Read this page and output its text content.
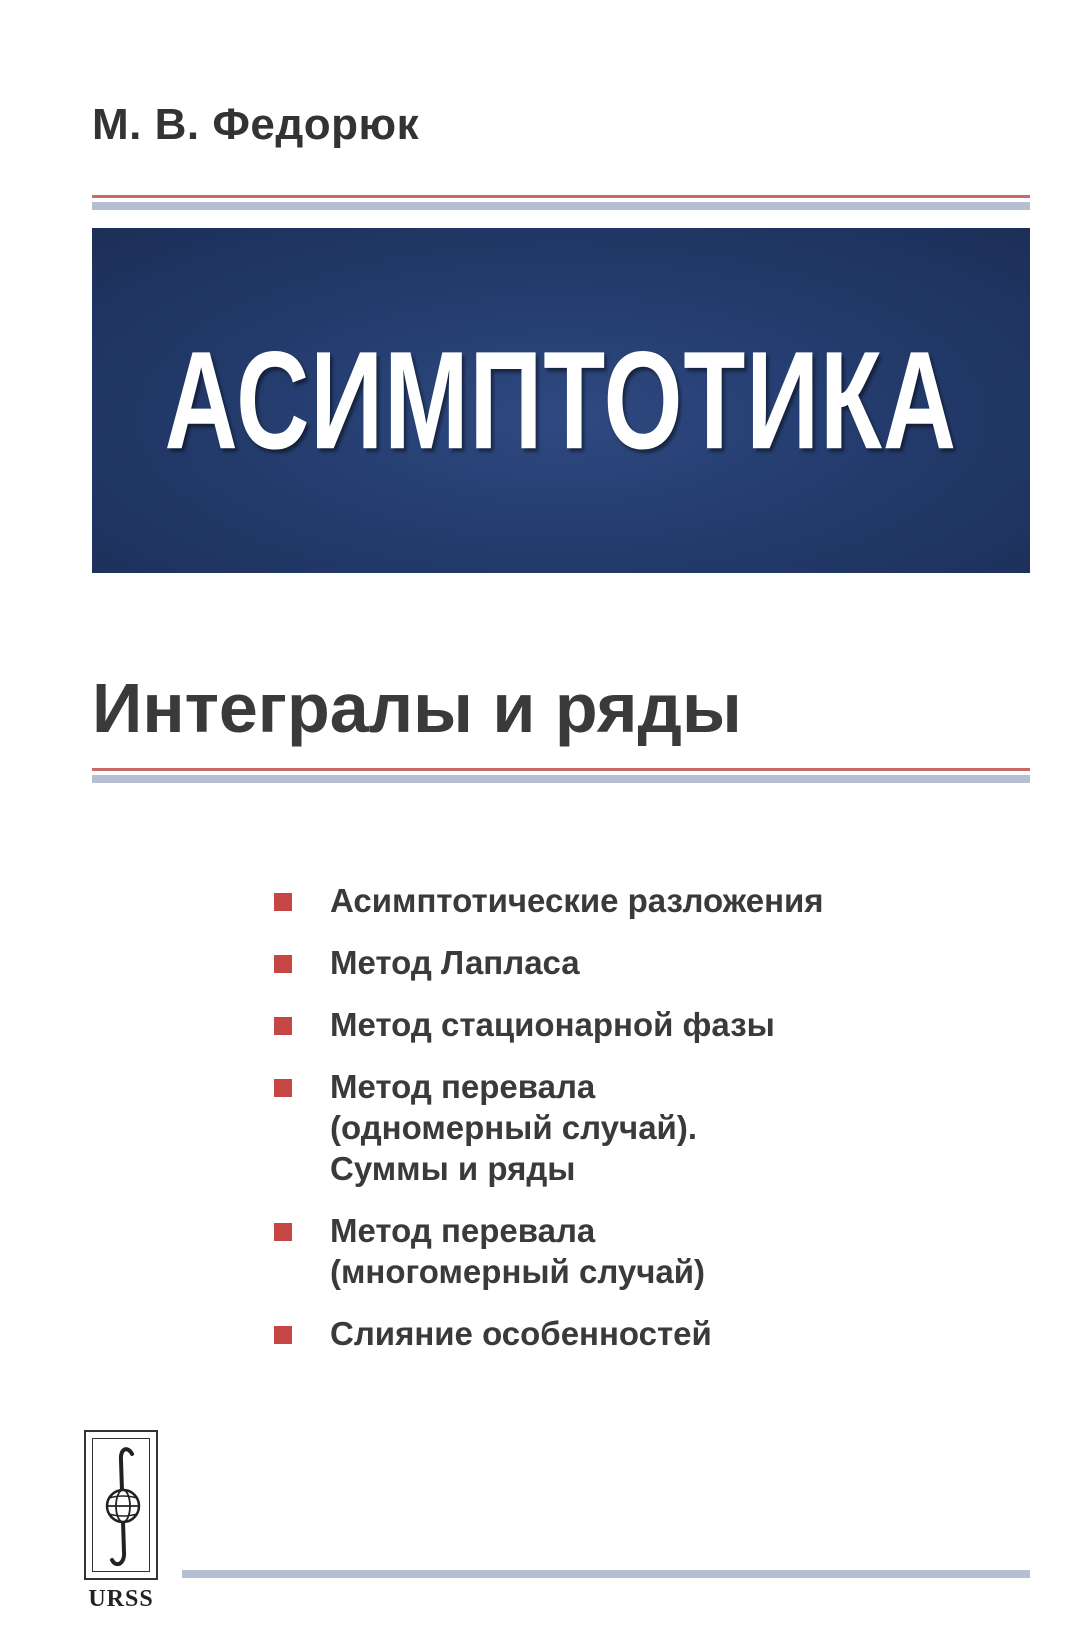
М. В. Федорюк
АСИМПТОТИКА
Интегралы и ряды
Асимптотические разложения
Метод Лапласа
Метод стационарной фазы
Метод перевала
(одномерный случай).
Суммы и ряды
Метод перевала
(многомерный случай)
Слияние особенностей
URSS
